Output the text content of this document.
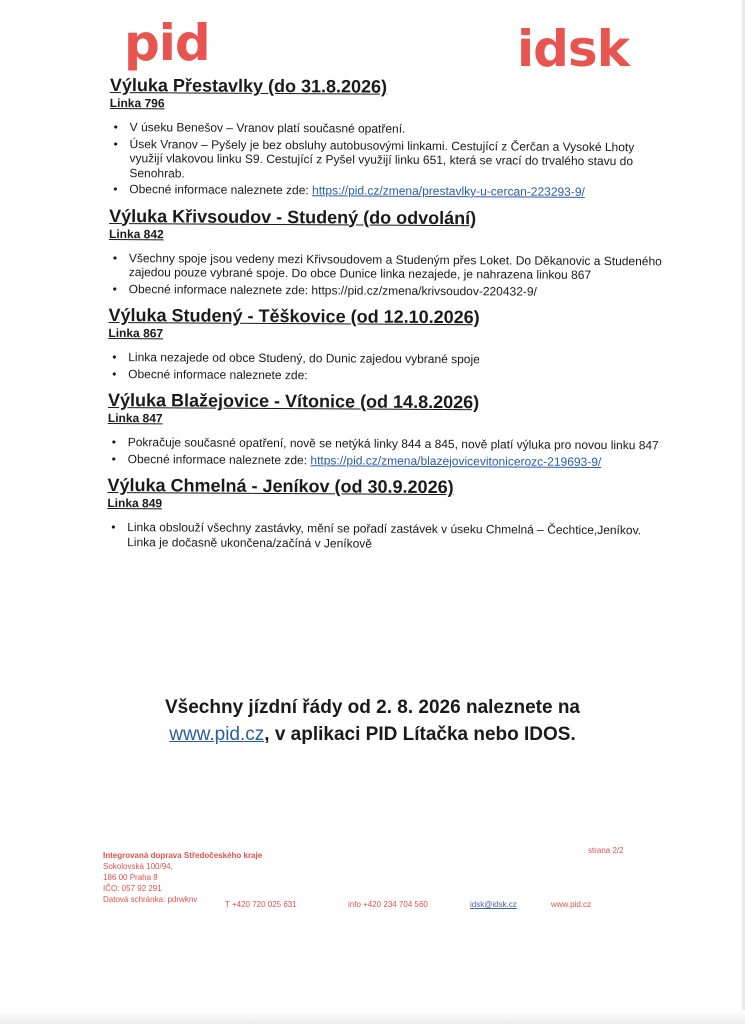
pid	idsk

Výluka Přestavlky (do 31.8.2026)

Linka 796

• V úseku Benešov – Vranov platí současné opatření.
• Úsek Vranov – Pyšely je bez obsluhy autobusovými linkami. Cestující z Čerčan a Vysoké Lhoty využijí vlakovou linku S9. Cestující z Pyšel využijí linku 651, která se vrací do trvalého stavu do Senohrab.
• Obecné informace naleznete zde: https://pid.cz/zmena/prestavlky-u-cercan-223293-9/

Výluka Křivsoudov - Studený (do odvolání)

Linka 842

• Všechny spoje jsou vedeny mezi Křivsoudovem a Studeným přes Loket. Do Děkanovic a Studeného zajedou pouze vybrané spoje. Do obce Dunice linka nezajede, je nahrazena linkou 867
• Obecné informace naleznete zde: https://pid.cz/zmena/krivsoudov-220432-9/

Výluka Studený - Těškovice (od 12.10.2026)

Linka 867

• Linka nezajede od obce Studený, do Dunic zajedou vybrané spoje
• Obecné informace naleznete zde:

Výluka Blažejovice - Vítonice (od 14.8.2026)

Linka 847

• Pokračuje současné opatření, nově se netýká linky 844 a 845, nově platí výluka pro novou linku 847
• Obecné informace naleznete zde: https://pid.cz/zmena/blazejovicevitonicerozc-219693-9/

Výluka Chmelná - Jeníkov (od 30.9.2026)

Linka 849

• Linka obslouží všechny zastávky, mění se pořadí zastávek v úseku Chmelná – Čechtice,Jeníkov. Linka je dočasně ukončena/začíná v Jeníkově
Všechny jízdní řády od 2. 8. 2026 naleznete na
www.pid.cz, v aplikaci PID Lítačka nebo IDOS.
strana 2/2
Integrovaná doprava Středočeského kraje
Sokolovská 100/94,
186 00 Praha 8
IČO: 057 92 291
Datová schránka: pdrwknv
T +420 720 025 631	info +420 234 704 560	idsk@idsk.cz	www.pid.cz
